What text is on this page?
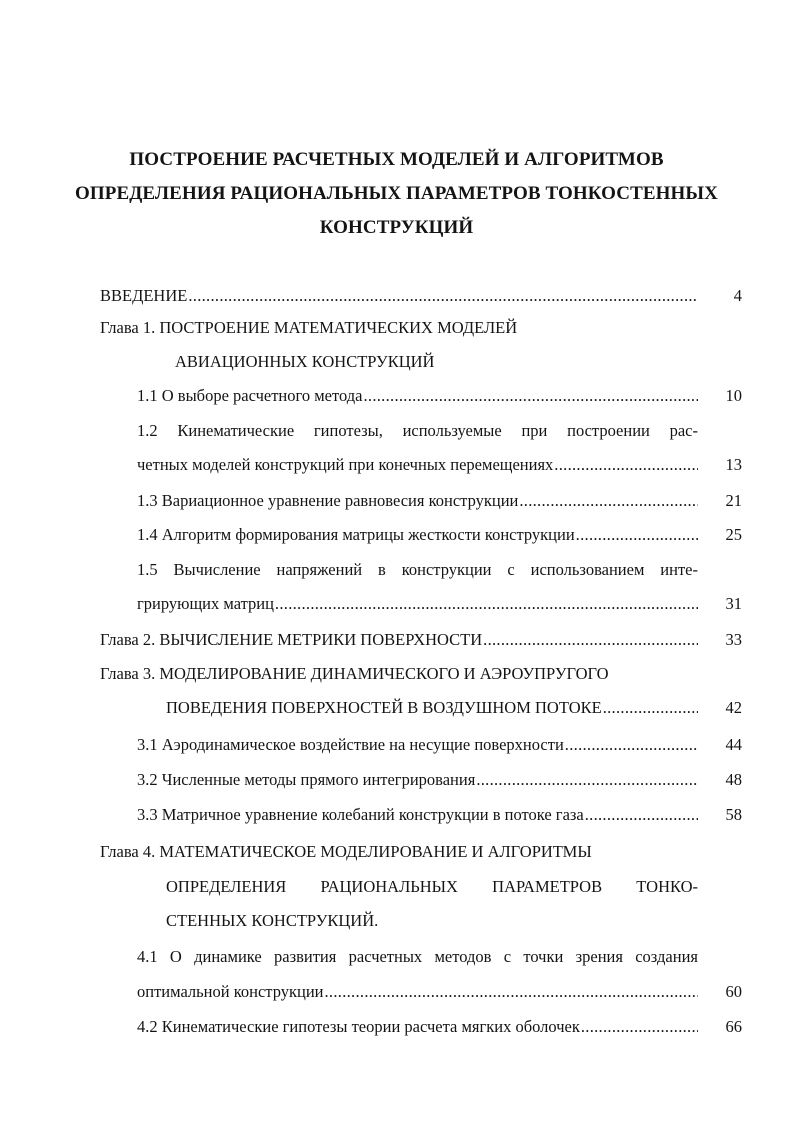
ПОСТРОЕНИЕ РАСЧЕТНЫХ МОДЕЛЕЙ И АЛГОРИТМОВ
ОПРЕДЕЛЕНИЯ РАЦИОНАЛЬНЫХ ПАРАМЕТРОВ ТОНКОСТЕННЫХ
КОНСТРУКЦИЙ
ВВЕДЕНИЕ .....	4
Глава 1. ПОСТРОЕНИЕ МАТЕМАТИЧЕСКИХ МОДЕЛЕЙ
АВИАЦИОННЫХ КОНСТРУКЦИЙ
1.1 О выборе расчетного метода .....	10
1.2 Кинематические гипотезы, используемые при построении рас-
четных моделей конструкций при конечных перемещениях .....	13
1.3 Вариационное уравнение равновесия конструкции .....	21
1.4 Алгоритм формирования матрицы жесткости конструкции .....	25
1.5 Вычисление напряжений в конструкции с использованием инте-
грирующих матриц .....	31
Глава 2. ВЫЧИСЛЕНИЕ МЕТРИКИ ПОВЕРХНОСТИ .....	33
Глава 3. МОДЕЛИРОВАНИЕ ДИНАМИЧЕСКОГО И АЭРОУПРУГОГО
ПОВЕДЕНИЯ ПОВЕРХНОСТЕЙ В ВОЗДУШНОМ ПОТОКЕ .....	42
3.1 Аэродинамическое воздействие на несущие поверхности .....	44
3.2 Численные методы прямого интегрирования .....	48
3.3 Матричное уравнение колебаний конструкции в потоке газа .....	58
Глава 4. МАТЕМАТИЧЕСКОЕ МОДЕЛИРОВАНИЕ И АЛГОРИТМЫ
ОПРЕДЕЛЕНИЯ РАЦИОНАЛЬНЫХ ПАРАМЕТРОВ ТОНКО-
СТЕННЫХ КОНСТРУКЦИЙ.
4.1 О динамике развития расчетных методов с точки зрения создания
оптимальной конструкции .....	60
4.2 Кинематические гипотезы теории расчета мягких оболочек .....	66
